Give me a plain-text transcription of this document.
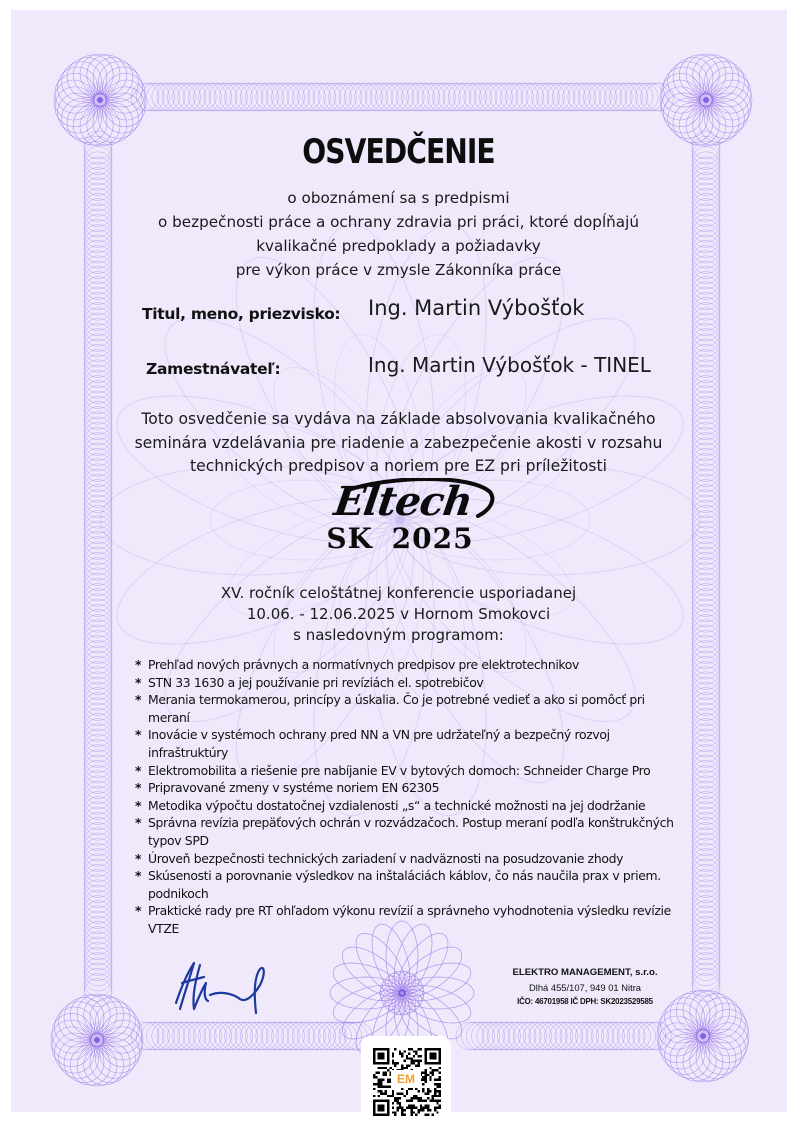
OSVEDČENIE
o oboznámení sa s predpismi
o bezpečnosti práce a ochrany zdravia pri práci, ktoré dopĺňajú
kvalikačné predpoklady a požiadavky
pre výkon práce v zmysle Zákonníka práce
Titul, meno, priezvisko: Ing. Martin Výbošťok
Zamestnávateľ:	Ing. Martin Výbošťok - TINEL
Toto osvedčenie sa vydáva na základe absolvovania kvalikačného
seminára vzdelávania pre riadenie a zabezpečenie akosti v rozsahu
technických predpisov a noriem pre EZ pri príležitosti
Eltech
SK 2025
XV. ročník celoštátnej konferencie usporiadanej
10.06. - 12.06.2025 v Hornom Smokovci
s nasledovným programom:
* Prehľad nových právnych a normatívnych predpisov pre elektrotechnikov
* STN 33 1630 a jej používanie pri revíziách el. spotrebičov
* Merania termokamerou, princípy a úskalia. Čo je potrebné vedieť a ako si pomôcť pri meraní
* Inovácie v systémoch ochrany pred NN a VN pre udržateľný a bezpečný rozvoj infraštruktúry
* Elektromobilita a riešenie pre nabíjanie EV v bytových domoch: Schneider Charge Pro
* Pripravované zmeny v systéme noriem EN 62305
* Metodika výpočtu dostatočnej vzdialenosti „s“ a technické možnosti na jej dodržanie
* Správna revízia prepäťových ochrán v rozvádzačoch. Postup meraní podľa konštrukčných typov SPD
* Úroveň bezpečnosti technických zariadení v nadväznosti na posudzovanie zhody
* Skúsenosti a porovnanie výsledkov na inštaláciách káblov, čo nás naučila prax v priem. podnikoch
* Praktické rady pre RT ohľadom výkonu revízií a správneho vyhodnotenia výsledku revízie VTZE
ELEKTRO MANAGEMENT, s.r.o.
Dlhá 455/107, 949 01 Nitra
IČO: 46701958 IČ DPH: SK2023529585
EM
